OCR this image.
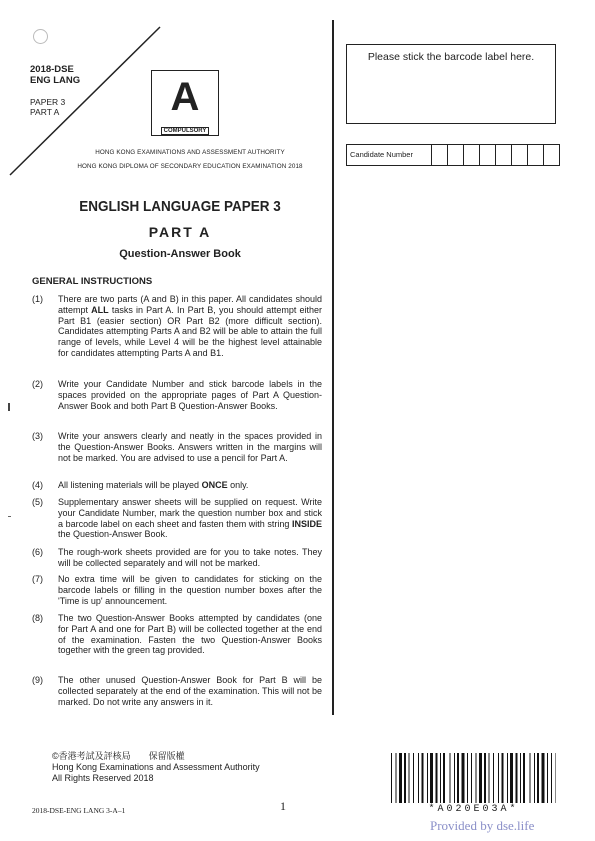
2018-DSE
ENG LANG
PAPER 3
PART A	A
COMPULSORY
HONG KONG EXAMINATIONS AND ASSESSMENT AUTHORITY
HONG KONG DIPLOMA OF SECONDARY EDUCATION EXAMINATION 2018
Please stick the barcode label here.
Candidate Number
ENGLISH LANGUAGE PAPER 3
PART A
Question-Answer Book
GENERAL INSTRUCTIONS
(1)	There are two parts (A and B) in this paper. All candidates should attempt ALL tasks in Part A. In Part B, you should attempt either Part B1 (easier section) OR Part B2 (more difficult section). Candidates attempting Parts A and B2 will be able to attain the full range of levels, while Level 4 will be the highest level attainable for candidates attempting Parts A and B1.
(2)	Write your Candidate Number and stick barcode labels in the spaces provided on the appropriate pages of Part A Question-Answer Book and both Part B Question-Answer Books.
(3)	Write your answers clearly and neatly in the spaces provided in the Question-Answer Books. Answers written in the margins will not be marked. You are advised to use a pencil for Part A.
(4)	All listening materials will be played ONCE only.
(5)	Supplementary answer sheets will be supplied on request. Write your Candidate Number, mark the question number box and stick a barcode label on each sheet and fasten them with string INSIDE the Question-Answer Book.
(6)	The rough-work sheets provided are for you to take notes. They will be collected separately and will not be marked.
(7)	No extra time will be given to candidates for sticking on the barcode labels or filling in the question number boxes after the 'Time is up' announcement.
(8)	The two Question-Answer Books attempted by candidates (one for Part A and one for Part B) will be collected together at the end of the examination. Fasten the two Question-Answer Books together with the green tag provided.
(9)	The other unused Question-Answer Book for Part B will be collected separately at the end of the examination. This will not be marked. Do not write any answers in it.
©香港考試及評核局　　保留版權
Hong Kong Examinations and Assessment Authority
All Rights Reserved 2018
2018-DSE-ENG LANG 3-A–1	1	*A020E03A*
Provided by dse.life
